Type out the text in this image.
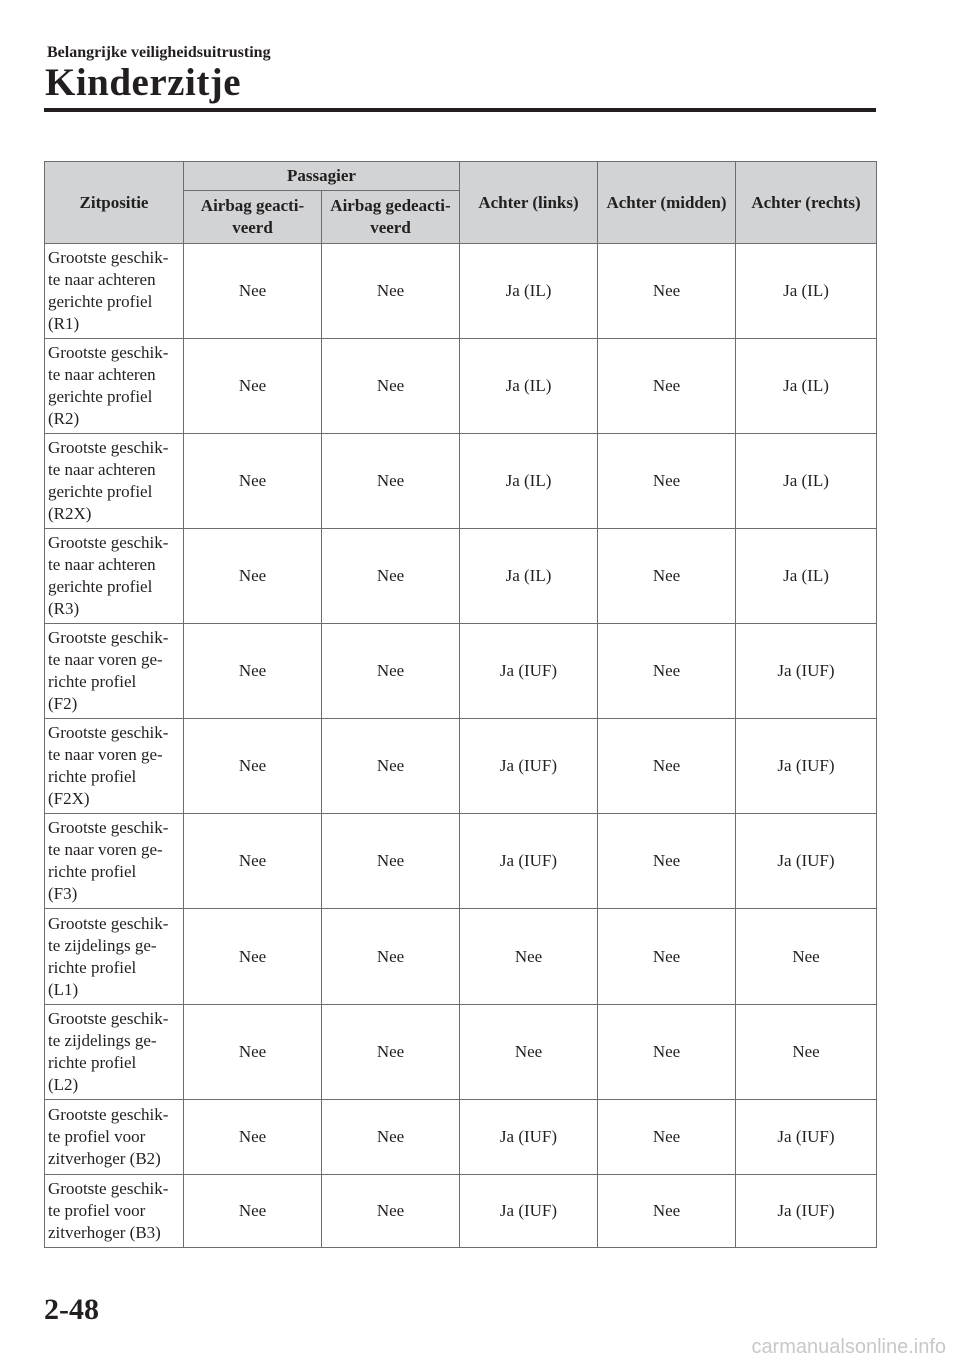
Belangrijke veiligheidsuitrusting
Kinderzitje
Zitpositie	Passagier		Achter (links)	Achter (midden)	Achter (rechts)
	Airbag geacti-
veerd	Airbag gedeacti-
veerd			
Grootste geschik-
te naar achteren
gerichte profiel
(R1)	Nee	Nee	Ja (IL)	Nee	Ja (IL)
Grootste geschik-
te naar achteren
gerichte profiel
(R2)	Nee	Nee	Ja (IL)	Nee	Ja (IL)
Grootste geschik-
te naar achteren
gerichte profiel
(R2X)	Nee	Nee	Ja (IL)	Nee	Ja (IL)
Grootste geschik-
te naar achteren
gerichte profiel
(R3)	Nee	Nee	Ja (IL)	Nee	Ja (IL)
Grootste geschik-
te naar voren ge-
richte profiel
(F2)	Nee	Nee	Ja (IUF)	Nee	Ja (IUF)
Grootste geschik-
te naar voren ge-
richte profiel
(F2X)	Nee	Nee	Ja (IUF)	Nee	Ja (IUF)
Grootste geschik-
te naar voren ge-
richte profiel
(F3)	Nee	Nee	Ja (IUF)	Nee	Ja (IUF)
Grootste geschik-
te zijdelings ge-
richte profiel
(L1)	Nee	Nee	Nee	Nee	Nee
Grootste geschik-
te zijdelings ge-
richte profiel
(L2)	Nee	Nee	Nee	Nee	Nee
Grootste geschik-
te profiel voor
zitverhoger (B2)	Nee	Nee	Ja (IUF)	Nee	Ja (IUF)
Grootste geschik-
te profiel voor
zitverhoger (B3)	Nee	Nee	Ja (IUF)	Nee	Ja (IUF)
2-48
carmanualsonline.info
